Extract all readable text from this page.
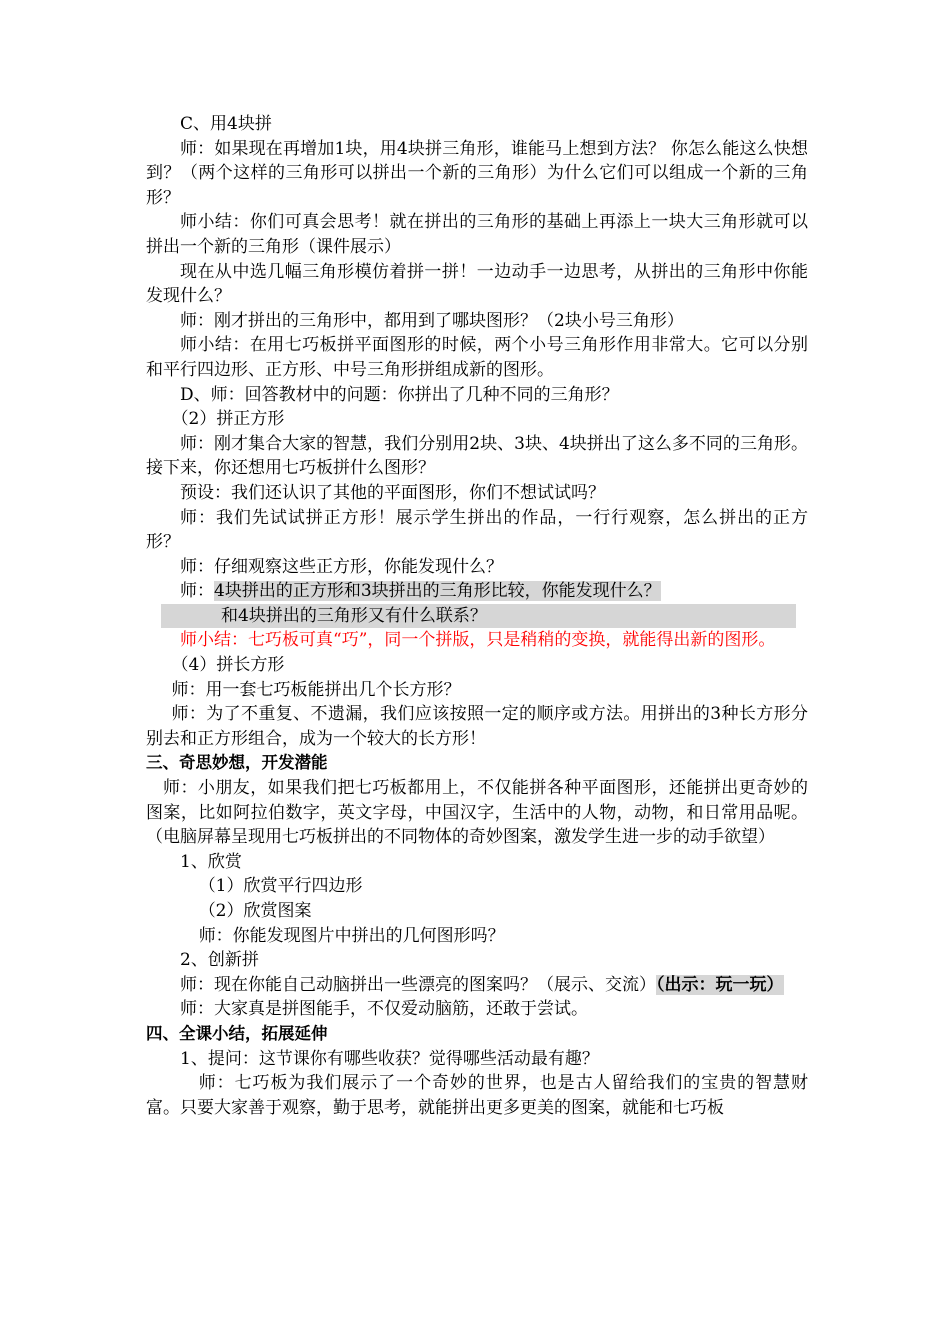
C、用4块拼

师：如果现在再增加1块，用4块拼三角形，谁能马上想到方法？ 你怎么能这么快想到？（两个这样的三角形可以拼出一个新的三角形）为什么它们可以组成一个新的三角形？

师小结：你们可真会思考！就在拼出的三角形的基础上再添上一块大三角形就可以拼出一个新的三角形（课件展示）

现在从中选几幅三角形模仿着拼一拼！一边动手一边思考，从拼出的三角形中你能发现什么？

师：刚才拼出的三角形中，都用到了哪块图形？（2块小号三角形）

师小结：在用七巧板拼平面图形的时候，两个小号三角形作用非常大。它可以分别和平行四边形、正方形、中号三角形拼组成新的图形。

D、师：回答教材中的问题：你拼出了几种不同的三角形？

（2）拼正方形

师：刚才集合大家的智慧，我们分别用2块、3块、4块拼出了这么多不同的三角形。接下来，你还想用七巧板拼什么图形？

预设：我们还认识了其他的平面图形，你们不想试试吗？

师：我们先试试拼正方形！展示学生拼出的作品，一行行观察，怎么拼出的正方形？

师：仔细观察这些正方形，你能发现什么？

师：4块拼出的正方形和3块拼出的三角形比较，你能发现什么？

和4块拼出的三角形又有什么联系？

师小结：七巧板可真“巧”，同一个拼版，只是稍稍的变换，就能得出新的图形。

（4）拼长方形

师：用一套七巧板能拼出几个长方形？

师：为了不重复、不遗漏，我们应该按照一定的顺序或方法。用拼出的3种长方形分别去和正方形组合，成为一个较大的长方形！

三、奇思妙想，开发潜能

师：小朋友，如果我们把七巧板都用上，不仅能拼各种平面图形，还能拼出更奇妙的图案，比如阿拉伯数字，英文字母，中国汉字，生活中的人物，动物，和日常用品呢。（电脑屏幕呈现用七巧板拼出的不同物体的奇妙图案，激发学生进一步的动手欲望）

1、欣赏

（1）欣赏平行四边形

（2）欣赏图案

师：你能发现图片中拼出的几何图形吗？

2、创新拼

师：现在你能自己动脑拼出一些漂亮的图案吗？（展示、交流）（出示：玩一玩）

师：大家真是拼图能手，不仅爱动脑筋，还敢于尝试。

四、全课小结，拓展延伸

1、提问：这节课你有哪些收获？觉得哪些活动最有趣？

师：七巧板为我们展示了一个奇妙的世界，也是古人留给我们的宝贵的智慧财富。只要大家善于观察，勤于思考，就能拼出更多更美的图案，就能和七巧板
